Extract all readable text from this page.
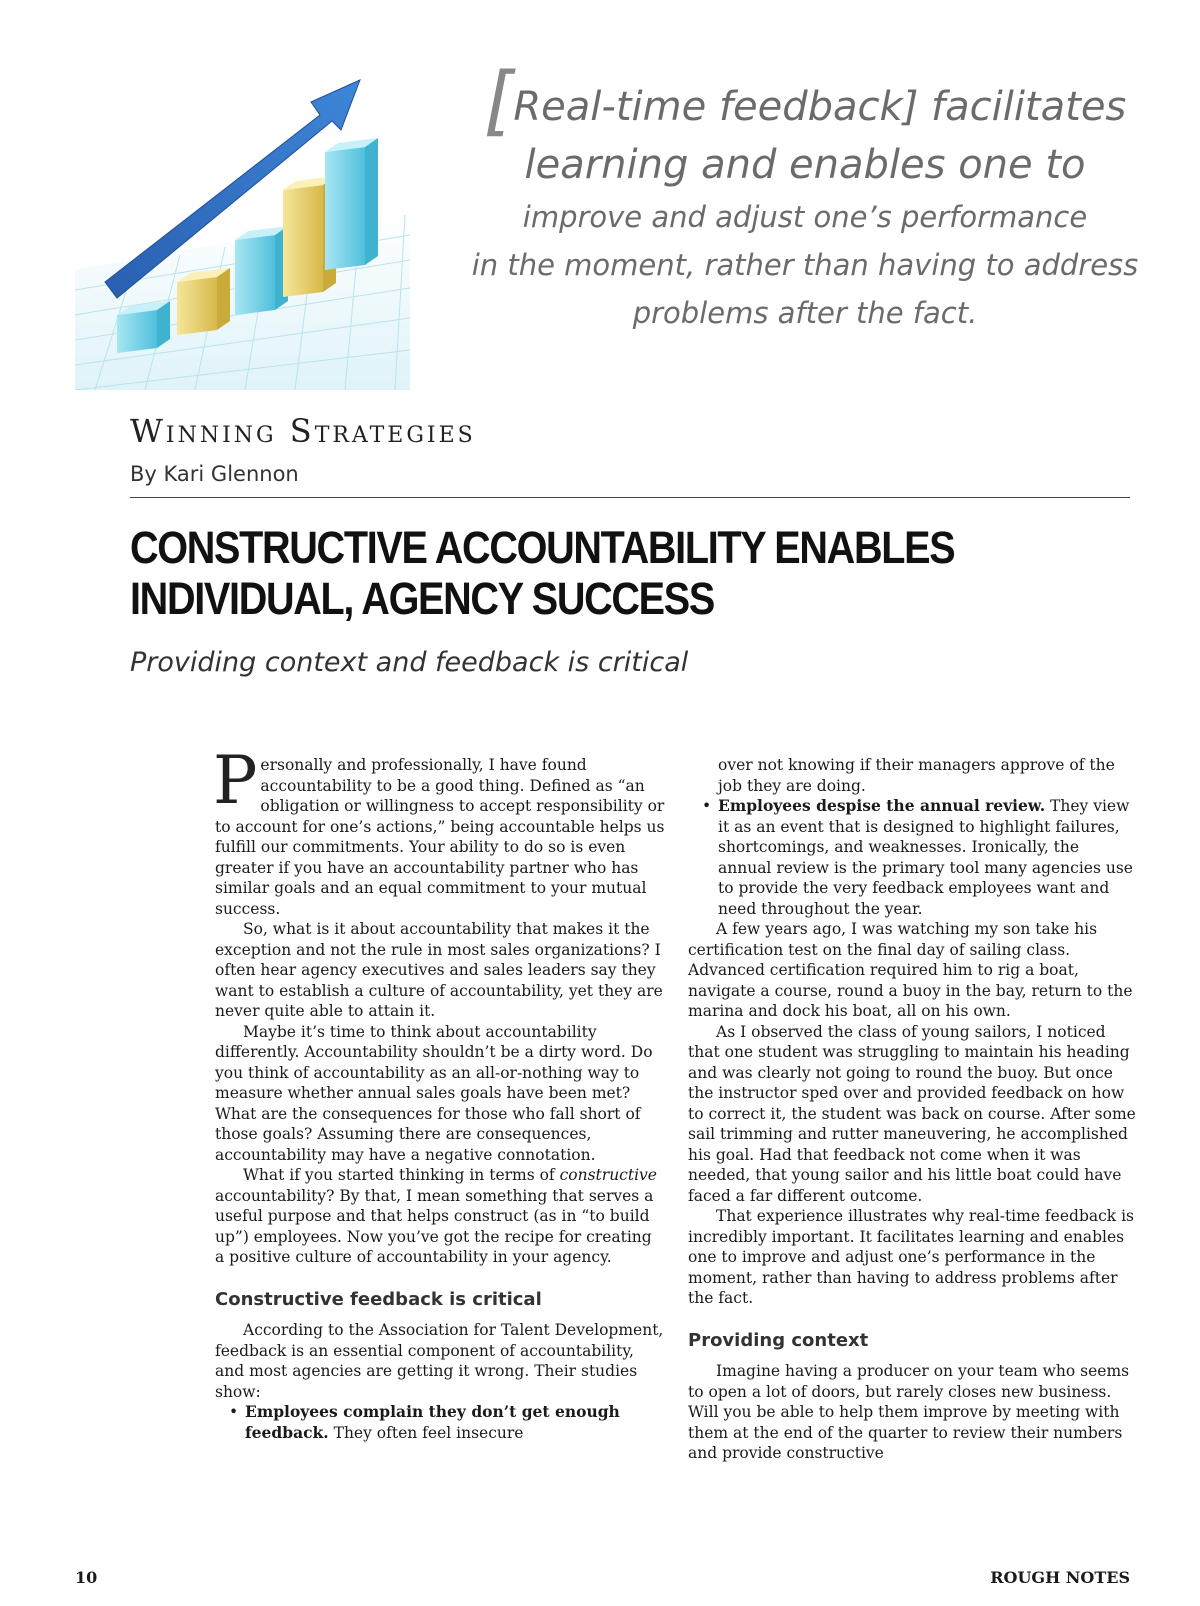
[Real-time feedback] facilitates
learning and enables one to
improve and adjust one’s performance
in the moment, rather than having to address
problems after the fact.
Winning Strategies
By Kari Glennon
CONSTRUCTIVE ACCOUNTABILITY ENABLES
INDIVIDUAL, AGENCY SUCCESS
Providing context and feedback is critical

Personally and professionally, I have found accountability to be a good thing. Defined as “an obligation or willingness to accept responsibility or to account for one’s actions,” being accountable helps us fulfill our commitments. Your ability to do so is even greater if you have an accountability partner who has similar goals and an equal commitment to your mutual success.

So, what is it about accountability that makes it the exception and not the rule in most sales organizations? I often hear agency executives and sales leaders say they want to establish a culture of accountability, yet they are never quite able to attain it.

Maybe it’s time to think about accountability differently. Accountability shouldn’t be a dirty word. Do you think of accountability as an all-or-nothing way to measure whether annual sales goals have been met? What are the consequences for those who fall short of those goals? Assuming there are consequences, accountability may have a negative connotation.

What if you started thinking in terms of constructive accountability? By that, I mean something that serves a useful purpose and that helps construct (as in “to build up”) employees. Now you’ve got the recipe for creating a positive culture of accountability in your agency.

Constructive feedback is critical

According to the Association for Talent Development, feedback is an essential component of accountability, and most agencies are getting it wrong. Their studies show:

• Employees complain they don’t get enough feedback. They often feel insecure
over not knowing if their managers approve of the job they are doing.
• Employees despise the annual review. They view it as an event that is designed to highlight failures, shortcomings, and weaknesses. Ironically, the annual review is the primary tool many agencies use to provide the very feedback employees want and need throughout the year.

A few years ago, I was watching my son take his certification test on the final day of sailing class. Advanced certification required him to rig a boat, navigate a course, round a buoy in the bay, return to the marina and dock his boat, all on his own.

As I observed the class of young sailors, I noticed that one student was struggling to maintain his heading and was clearly not going to round the buoy. But once the instructor sped over and provided feedback on how to correct it, the student was back on course. After some sail trimming and rutter maneuvering, he accomplished his goal. Had that feedback not come when it was needed, that young sailor and his little boat could have faced a far different outcome.

That experience illustrates why real-time feedback is incredibly important. It facilitates learning and enables one to improve and adjust one’s performance in the moment, rather than having to address problems after the fact.

Providing context

Imagine having a producer on your team who seems to open a lot of doors, but rarely closes new business. Will you be able to help them improve by meeting with them at the end of the quarter to review their numbers and provide constructive

10	ROUGH NOTES
